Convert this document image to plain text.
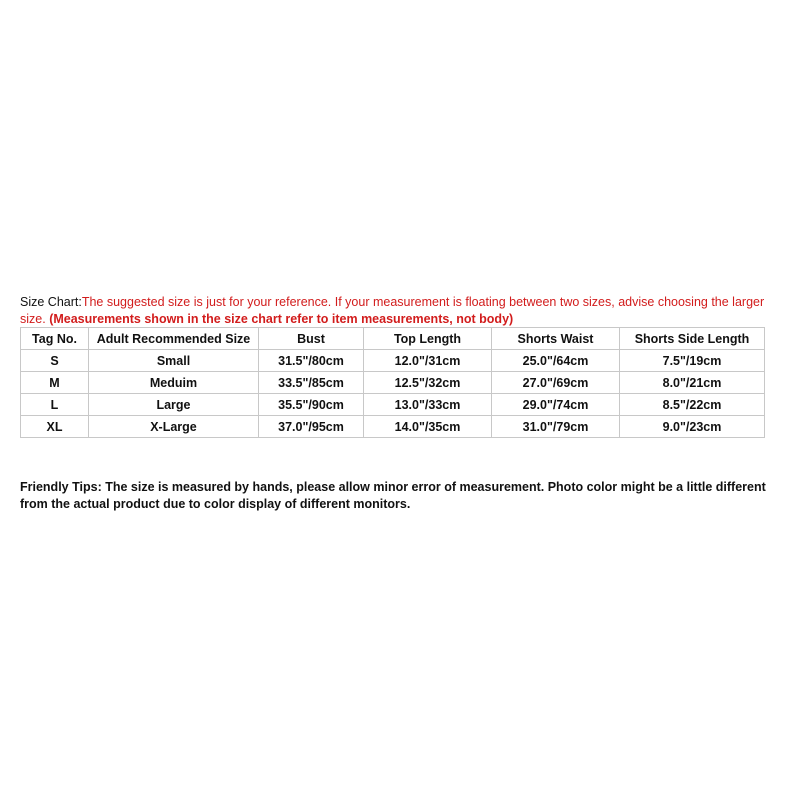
Size Chart:The suggested size is just for your reference. If your measurement is floating between two sizes, advise choosing the larger size. (Measurements shown in the size chart refer to item measurements, not body)
Tag No.	Adult Recommended Size	Bust	Top Length	Shorts Waist	Shorts Side Length
S	Small	31.5"/80cm	12.0"/31cm	25.0"/64cm	7.5"/19cm
M	Meduim	33.5"/85cm	12.5"/32cm	27.0"/69cm	8.0"/21cm
L	Large	35.5"/90cm	13.0"/33cm	29.0"/74cm	8.5"/22cm
XL	X-Large	37.0"/95cm	14.0"/35cm	31.0"/79cm	9.0"/23cm
Friendly Tips: The size is measured by hands, please allow minor error of measurement. Photo color might be a little different from the actual product due to color display of different monitors.
